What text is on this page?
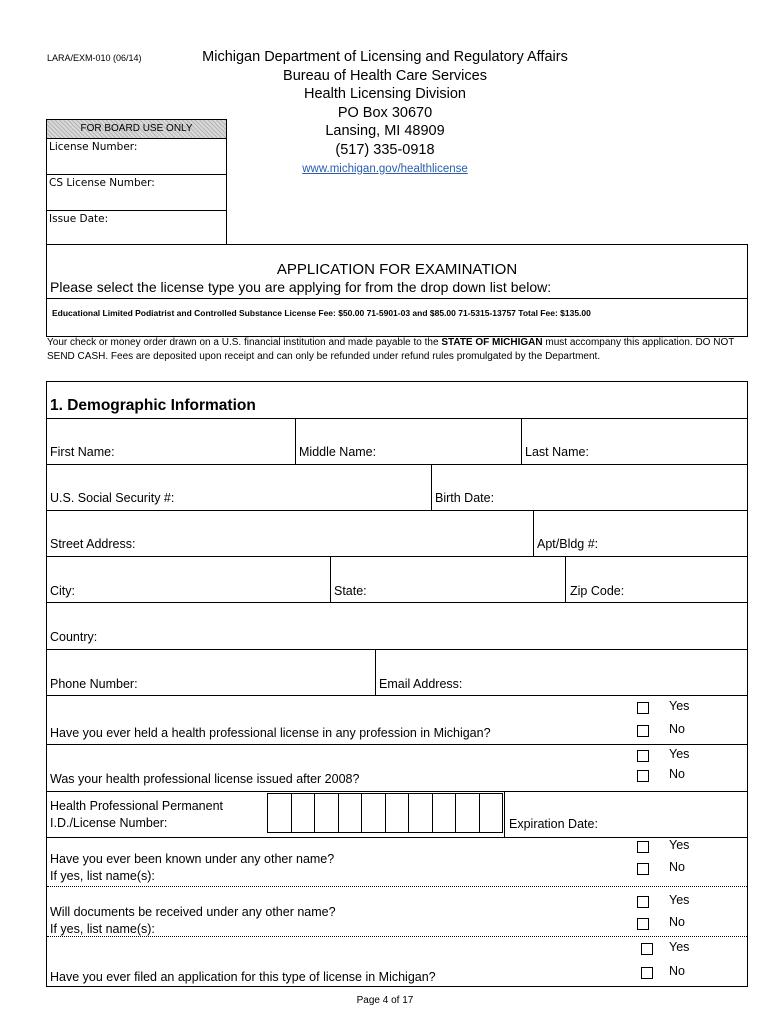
LARA/EXM-010 (06/14)	Michigan Department of Licensing and Regulatory Affairs
Bureau of Health Care Services
Health Licensing Division
PO Box 30670
Lansing, MI 48909
(517) 335-0918
www.michigan.gov/healthlicense
FOR BOARD USE ONLY
License Number:
CS License Number:
Issue Date:
APPLICATION FOR EXAMINATION
Please select the license type you are applying for from the drop down list below:
Educational Limited Podiatrist and Controlled Substance License Fee: $50.00 71-5901-03 and $85.00 71-5315-13757 Total Fee: $135.00
Your check or money order drawn on a U.S. financial institution and made payable to the STATE OF MICHIGAN must accompany this application. DO NOT SEND CASH. Fees are deposited upon receipt and can only be refunded under refund rules promulgated by the Department.
1. Demographic Information
First Name:	Middle Name:	Last Name:
U.S. Social Security #:	Birth Date:
Street Address:	Apt/Bldg #:
City:	State:	Zip Code:
Country:
Phone Number:	Email Address:
Have you ever held a health professional license in any profession in Michigan?
Yes
No
Was your health professional license issued after 2008?
Yes
No
Health Professional Permanent
I.D./License Number:	Expiration Date:
Have you ever been known under any other name?
If yes, list name(s):
Yes
No
Will documents be received under any other name?
If yes, list name(s):
Yes
No
Have you ever filed an application for this type of license in Michigan?
Yes
No
Page 4 of 17
